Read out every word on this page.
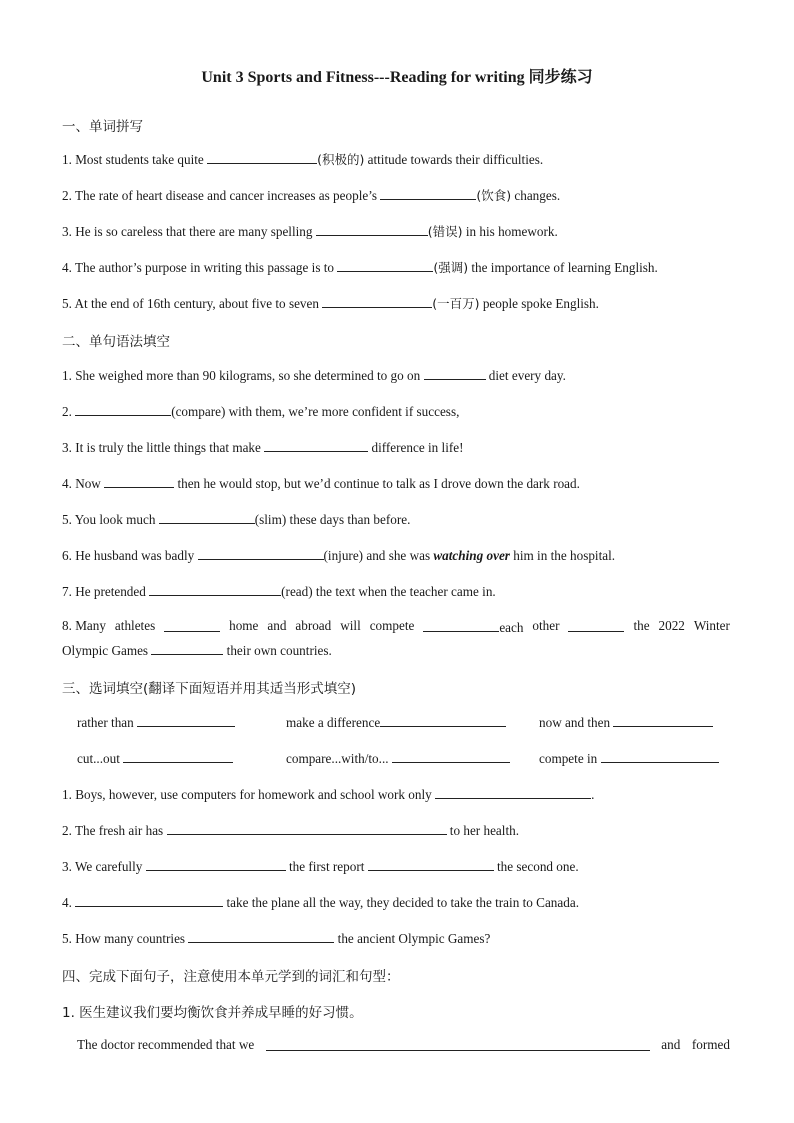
Unit 3 Sports and Fitness---Reading for writing 同步练习
一、单词拼写
1. Most students take quite	(积极的) attitude towards their difficulties.
2. The rate of heart disease and cancer increases as people’s	(饮食) changes.
3. He is so careless that there are many spelling	(错误) in his homework.
4. The author’s purpose in writing this passage is to	(强调) the importance of learning English.
5. At the end of 16th century, about five to seven	(一百万) people spoke English.
二、单句语法填空
1. She weighed more than 90 kilograms, so she determined to go on	diet every day.
2.	(compare) with them, we’re more confident if success,
3. It is truly the little things that make	difference in life!
4. Now	then he would stop, but we’d continue to talk as I drove down the dark road.
5. You look much	(slim) these days than before.
6. He husband was badly	(injure) and she was watching over him in the hospital.
7. He pretended	(read) the text when the teacher came in.
8. Many athletes	home and abroad will compete	each other	the 2022 Winter
Olympic Games	their own countries.
三、选词填空(翻译下面短语并用其适当形式填空)
rather than	make a difference	now and then
cut...out	compare...with/to...	compete in
1. Boys, however, use computers for homework and school work only	.
2. The fresh air has	to her health.
3. We carefully	the first report	the second one.
4.	take the plane all the way, they decided to take the train to Canada.
5. How many countries	the ancient Olympic Games?
四、完成下面句子，注意使用本单元学到的词汇和句型：
1. 医生建议我们要均衡饮食并养成早睡的好习惯。
The doctor recommended that we	and formed
